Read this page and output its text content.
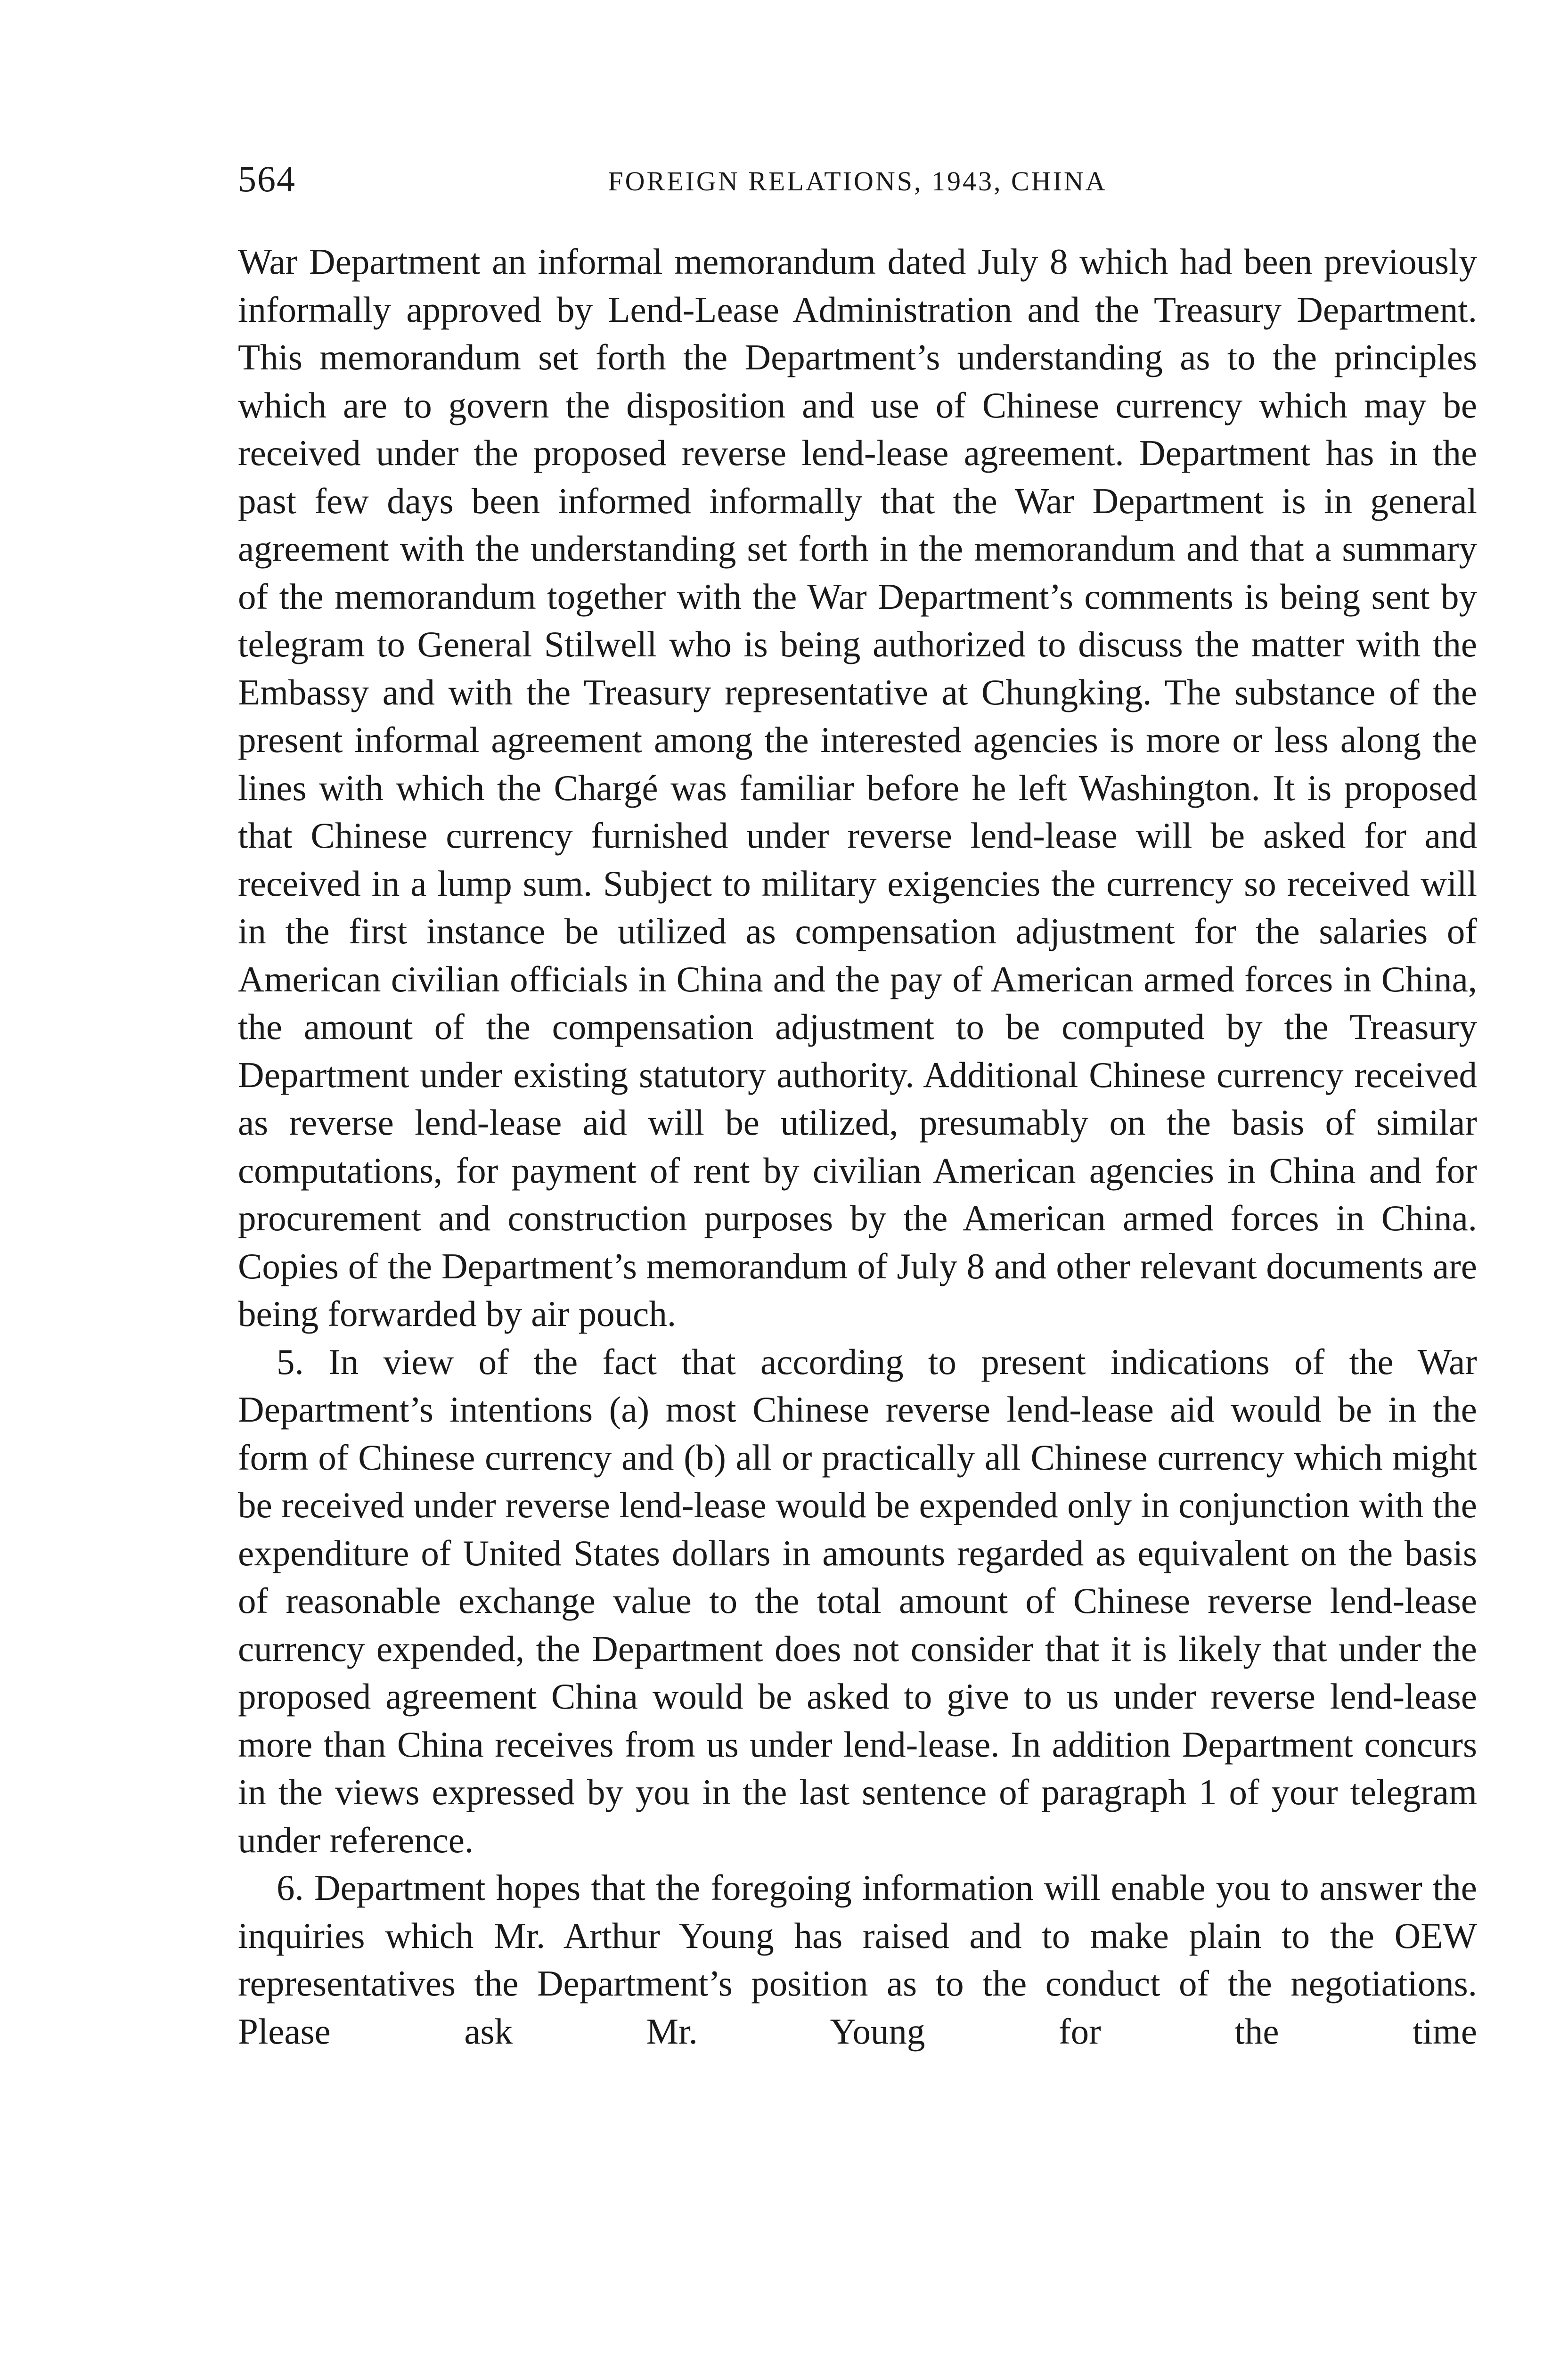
564	FOREIGN RELATIONS, 1943, CHINA

War Department an informal memorandum dated July 8 which had been previously informally approved by Lend-Lease Administration and the Treasury Department. This memorandum set forth the Department’s understanding as to the principles which are to govern the disposition and use of Chinese currency which may be received under the proposed reverse lend-lease agreement. Department has in the past few days been informed informally that the War Department is in general agreement with the understanding set forth in the memorandum and that a summary of the memorandum together with the War Department’s comments is being sent by telegram to General Stilwell who is being authorized to discuss the matter with the Embassy and with the Treasury representative at Chungking. The substance of the present informal agreement among the interested agencies is more or less along the lines with which the Chargé was familiar before he left Washington. It is proposed that Chinese currency furnished under reverse lend-lease will be asked for and received in a lump sum. Subject to military exigencies the currency so received will in the first instance be utilized as compensation adjustment for the salaries of American civilian officials in China and the pay of American armed forces in China, the amount of the compensation adjustment to be computed by the Treasury Department under existing statutory authority. Additional Chinese currency received as reverse lend-lease aid will be utilized, presumably on the basis of similar computations, for payment of rent by civilian American agencies in China and for procurement and construction purposes by the American armed forces in China. Copies of the Department’s memorandum of July 8 and other relevant documents are being forwarded by air pouch.

5. In view of the fact that according to present indications of the War Department’s intentions (a) most Chinese reverse lend-lease aid would be in the form of Chinese currency and (b) all or practically all Chinese currency which might be received under reverse lend-lease would be expended only in conjunction with the expenditure of United States dollars in amounts regarded as equivalent on the basis of reasonable exchange value to the total amount of Chinese reverse lend-lease currency expended, the Department does not consider that it is likely that under the proposed agreement China would be asked to give to us under reverse lend-lease more than China receives from us under lend-lease. In addition Department concurs in the views expressed by you in the last sentence of paragraph 1 of your telegram under reference.

6. Department hopes that the foregoing information will enable you to answer the inquiries which Mr. Arthur Young has raised and to make plain to the OEW representatives the Department’s position as to the conduct of the negotiations. Please ask Mr. Young for the time
